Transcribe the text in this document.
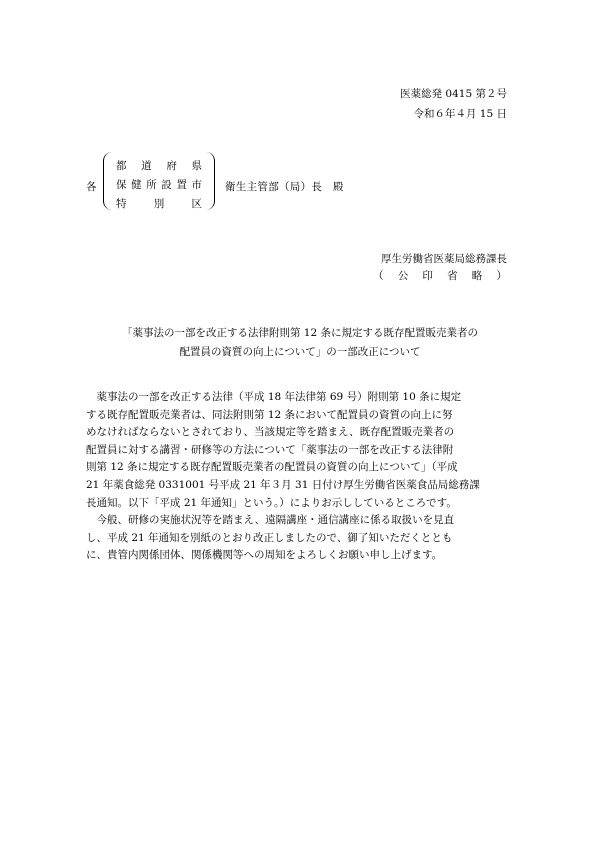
医薬総発 0415 第２号
令和６年４月 15 日
各
都 道 府 県
保 健 所 設 置 市
特	別	区
衛生主管部（局）長　殿
厚生労働省医薬局総務課長
（ 公 印 省 略 ）
「薬事法の一部を改正する法律附則第 12 条に規定する既存配置販売業者の
配置員の資質の向上について」の一部改正について
　薬事法の一部を改正する法律（平成 18 年法律第 69 号）附則第 10 条に規定
する既存配置販売業者は、同法附則第 12 条において配置員の資質の向上に努
めなければならないとされており、当該規定等を踏まえ、既存配置販売業者の
配置員に対する講習・研修等の方法について「薬事法の一部を改正する法律附
則第 12 条に規定する既存配置販売業者の配置員の資質の向上について」（平成
21 年薬食総発 0331001 号平成 21 年３月 31 日付け厚生労働省医薬食品局総務課
長通知。以下「平成 21 年通知」という。）によりお示ししているところです。
　今般、研修の実施状況等を踏まえ、遠隔講座・通信講座に係る取扱いを見直
し、平成 21 年通知を別紙のとおり改正しましたので、御了知いただくととも
に、貴管内関係団体、関係機関等への周知をよろしくお願い申し上げます。
